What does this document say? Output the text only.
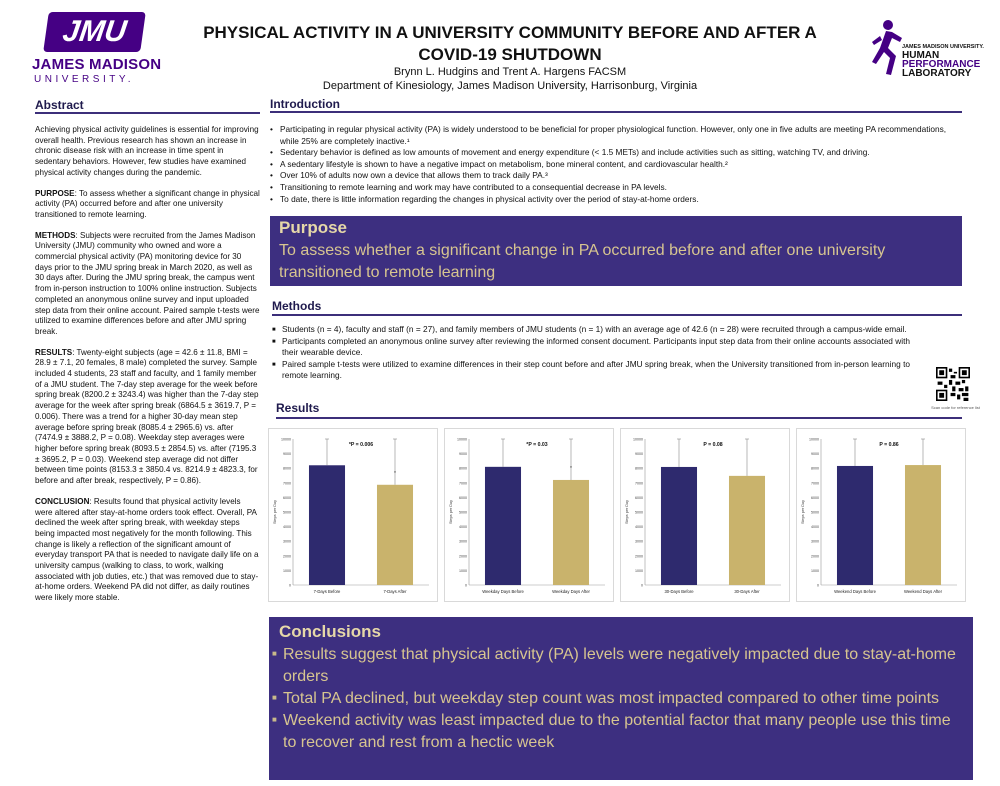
JMU
JAMES MADISON
UNIVERSITY.
PHYSICAL ACTIVITY IN A UNIVERSITY COMMUNITY BEFORE AND AFTER A COVID-19 SHUTDOWN
Brynn L. Hudgins and Trent A. Hargens FACSM
Department of Kinesiology, James Madison University, Harrisonburg, Virginia
JAMES MADISON UNIVERSITY.
HUMAN
PERFORMANCE
LABORATORY
Abstract

Achieving physical activity guidelines is essential for improving overall health. Previous research has shown an increase in chronic disease risk with an increase in time spent in sedentary behaviors. However, few studies have examined physical activity changes during the pandemic.

PURPOSE: To assess whether a significant change in physical activity (PA) occurred before and after one university transitioned to remote learning.

METHODS: Subjects were recruited from the James Madison University (JMU) community who owned and wore a commercial physical activity (PA) monitoring device for 30 days prior to the JMU spring break in March 2020, as well as 30 days after. During the JMU spring break, the campus went from in-person instruction to 100% online instruction. Subjects completed an anonymous online survey and input uploaded step data from their online account. Paired sample t-tests were utilized to examine differences before and after JMU spring break.

RESULTS: Twenty-eight subjects (age = 42.6 ± 11.8, BMI = 28.9 ± 7.1, 20 females, 8 male) completed the survey. Sample included 4 students, 23 staff and faculty, and 1 family member of a JMU student. The 7-day step average for the week before spring break (8200.2 ± 3243.4) was higher than the 7-day step average for the week after spring break (6864.5 ± 3619.7, P = 0.006). There was a trend for a higher 30-day mean step average before spring break (8085.4 ± 2965.6) vs. after (7474.9 ± 3888.2, P = 0.08). Weekday step averages were higher before spring break (8093.5 ± 2854.5) vs. after (7195.3 ± 3695.2, P = 0.03). Weekend step average did not differ between time points (8153.3 ± 3850.4 vs. 8214.9 ± 4823.3, for before and after break, respectively, P = 0.86).

CONCLUSION: Results found that physical activity levels were altered after stay-at-home orders took effect. Overall, PA declined the week after spring break, with weekday steps being impacted most negatively for the month following. This change is likely a reflection of the significant amount of everyday transport PA that is needed to navigate daily life on a university campus (walking to class, to work, walking associated with job duties, etc.) that was removed due to stay-at-home orders. Weekend PA did not differ, as daily routines were likely more stable.

Introduction
• Participating in regular physical activity (PA) is widely understood to be beneficial for proper physiological function. However, only one in five adults are meeting PA recommendations, while 25% are completely inactive.¹
• Sedentary behavior is defined as low amounts of movement and energy expenditure (< 1.5 METs) and include activities such as sitting, watching TV, and driving.
• A sedentary lifestyle is shown to have a negative impact on metabolism, bone mineral content, and cardiovascular health.²
• Over 10% of adults now own a device that allows them to track daily PA.³
• Transitioning to remote learning and work may have contributed to a consequential decrease in PA levels.
• To date, there is little information regarding the changes in physical activity over the period of stay-at-home orders.
Purpose
To assess whether a significant change in PA occurred before and after one university transitioned to remote learning
Methods
■ Students (n = 4), faculty and staff (n = 27), and family members of JMU students (n = 1) with an average age of 42.6 (n = 28) were recruited through a campus-wide email.
■ Participants completed an anonymous online survey after reviewing the informed consent document. Participants input step data from their online accounts associated with their wearable device.
■ Paired sample t-tests were utilized to examine differences in their step count before and after JMU spring break, when the University transitioned from in-person learning to remote learning.
Scan code for reference list
Results
0
1000
2000
3000
4000
5000
6000
7000
8000
9000
10000
Steps per Day
*P = 0.006
7-Days Before	7-Days After
*
0
1000
2000
3000
4000
5000
6000
7000
8000
9000
10000
Steps per Day
*P = 0.03
Weekday Days Before	Weekday Days After
*
0
1000
2000
3000
4000
5000
6000
7000
8000
9000
10000
Steps per Day
P = 0.08
30-Days Before	30-Days After
0
1000
2000
3000
4000
5000
6000
7000
8000
9000
10000
Steps per Day
P = 0.86
Weekend Days Before	Weekend Days After
Conclusions
■ Results suggest that physical activity (PA) levels were negatively impacted due to stay-at-home orders
■ Total PA declined, but weekday step count was most impacted compared to other time points
■ Weekend activity was least impacted due to the potential factor that many people use this time to recover and rest from a hectic week
